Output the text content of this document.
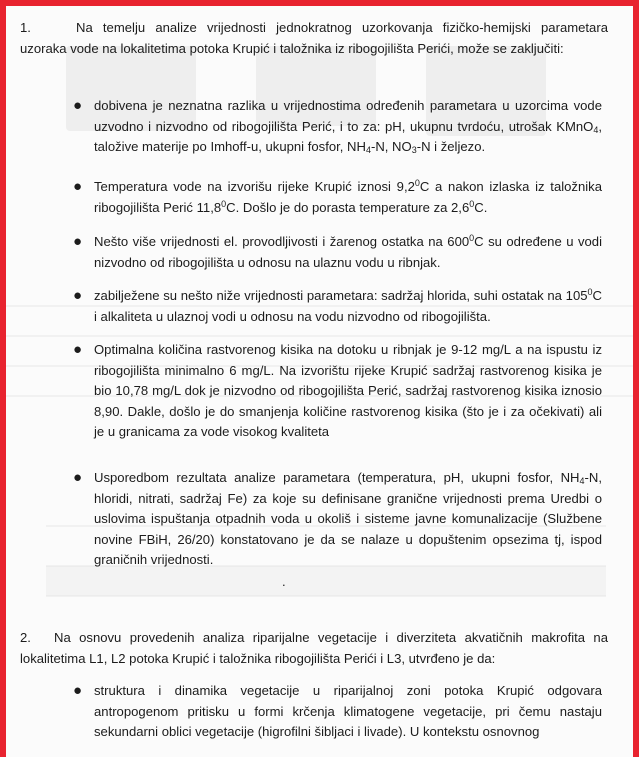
1.	Na temelju analize vrijednosti jednokratnog uzorkovanja fizičko-hemijski parametara uzoraka vode na lokalitetima potoka Krupić i taložnika iz ribogojilišta Perići, može se zaključiti:
● dobivena je neznatna razlika u vrijednostima određenih parametara u uzorcima vode uzvodno i nizvodno od ribogojilišta Perić, i to za: pH, ukupnu tvrdoću, utrošak KMnO$_4$, taložive materije po Imhoff-u, ukupni fosfor, $NH_4-N$, $NO_3-N$ i željezo.
● Temperatura vode na izvorišu rijeke Krupić iznosi $9,2^0C$ a nakon izlaska iz taložnika ribogojilišta Perić 11,8$^0$C. Došlo je do porasta temperature za $2,6^0C$.
● Nešto više vrijednosti el. provodljivosti i žarenog ostatka na $600^0C$ su određene u vodi nizvodno od ribogojilišta u odnosu na ulaznu vodu u ribnjak.
● zabilježene su nešto niže vrijednosti parametara: sadržaj hlorida, suhi ostatak na $105^0C$ i alkaliteta u ulaznoj vodi u odnosu na vodu nizvodno od ribogojilišta.
● Optimalna količina rastvorenog kisika na dotoku u ribnjak je 9-12 mg/L a na ispustu iz ribogojilišta minimalno 6 mg/L. Na izvorištu rijeke Krupić sadržaj rastvorenog kisika je bio 10,78 mg/L dok je nizvodno od ribogojilišta Perić, sadržaj rastvorenog kisika iznosio 8,90. Dakle, došlo je do smanjenja količine rastvorenog kisika (što je i za očekivati) ali je u granicama za vode visokog kvaliteta
● Usporedbom rezultata analize parametara (temperatura, pH, ukupni fosfor, $NH_4-N$, hloridi, nitrati, sadržaj Fe) za koje su definisane granične vrijednosti prema Uredbi o uslovima ispuštanja otpadnih voda u okoliš i sisteme javne komunalizacije (Službene novine FBiH, 26/20) konstatovano je da se nalaze u dopuštenim opsezima tj, ispod graničnih vrijednosti.
.
2. Na osnovu provedenih analiza riparijalne vegetacije i diverziteta akvatičnih makrofita na lokalitetima L1, L2 potoka Krupić i taložnika ribogojilišta Perići i L3, utvrđeno je da:
● struktura i dinamika vegetacije u riparijalnoj zoni potoka Krupić odgovara antropogenom pritisku u formi krčenja klimatogene vegetacije, pri čemu nastaju sekundarni oblici vegetacije (higrofilni šibljaci i livade). U kontekstu osnovnog
